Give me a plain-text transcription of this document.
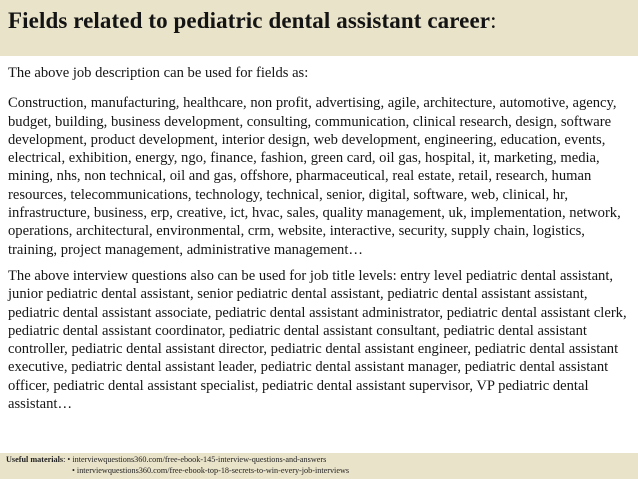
Fields related to pediatric dental assistant career:

The above job description can be used for fields as:

Construction, manufacturing, healthcare, non profit, advertising, agile, architecture, automotive, agency, budget, building, business development, consulting, communication, clinical research, design, software development, product development, interior design, web development, engineering, education, events, electrical, exhibition, energy, ngo, finance, fashion, green card, oil gas, hospital, it, marketing, media, mining, nhs, non technical, oil and gas, offshore, pharmaceutical, real estate, retail, research, human resources, telecommunications, technology, technical, senior, digital, software, web, clinical, hr, infrastructure, business, erp, creative, ict, hvac, sales, quality management, uk, implementation, network, operations, architectural, environmental, crm, website, interactive, security, supply chain, logistics, training, project management, administrative management…

The above interview questions also can be used for job title levels: entry level pediatric dental assistant, junior pediatric dental assistant, senior pediatric dental assistant, pediatric dental assistant assistant, pediatric dental assistant associate, pediatric dental assistant administrator, pediatric dental assistant clerk, pediatric dental assistant coordinator, pediatric dental assistant consultant, pediatric dental assistant controller, pediatric dental assistant director, pediatric dental assistant engineer, pediatric dental assistant executive, pediatric dental assistant leader, pediatric dental assistant manager, pediatric dental assistant officer, pediatric dental assistant specialist, pediatric dental assistant supervisor, VP pediatric dental assistant…

Useful materials: • interviewquestions360.com/free-ebook-145-interview-questions-and-answers
• interviewquestions360.com/free-ebook-top-18-secrets-to-win-every-job-interviews
